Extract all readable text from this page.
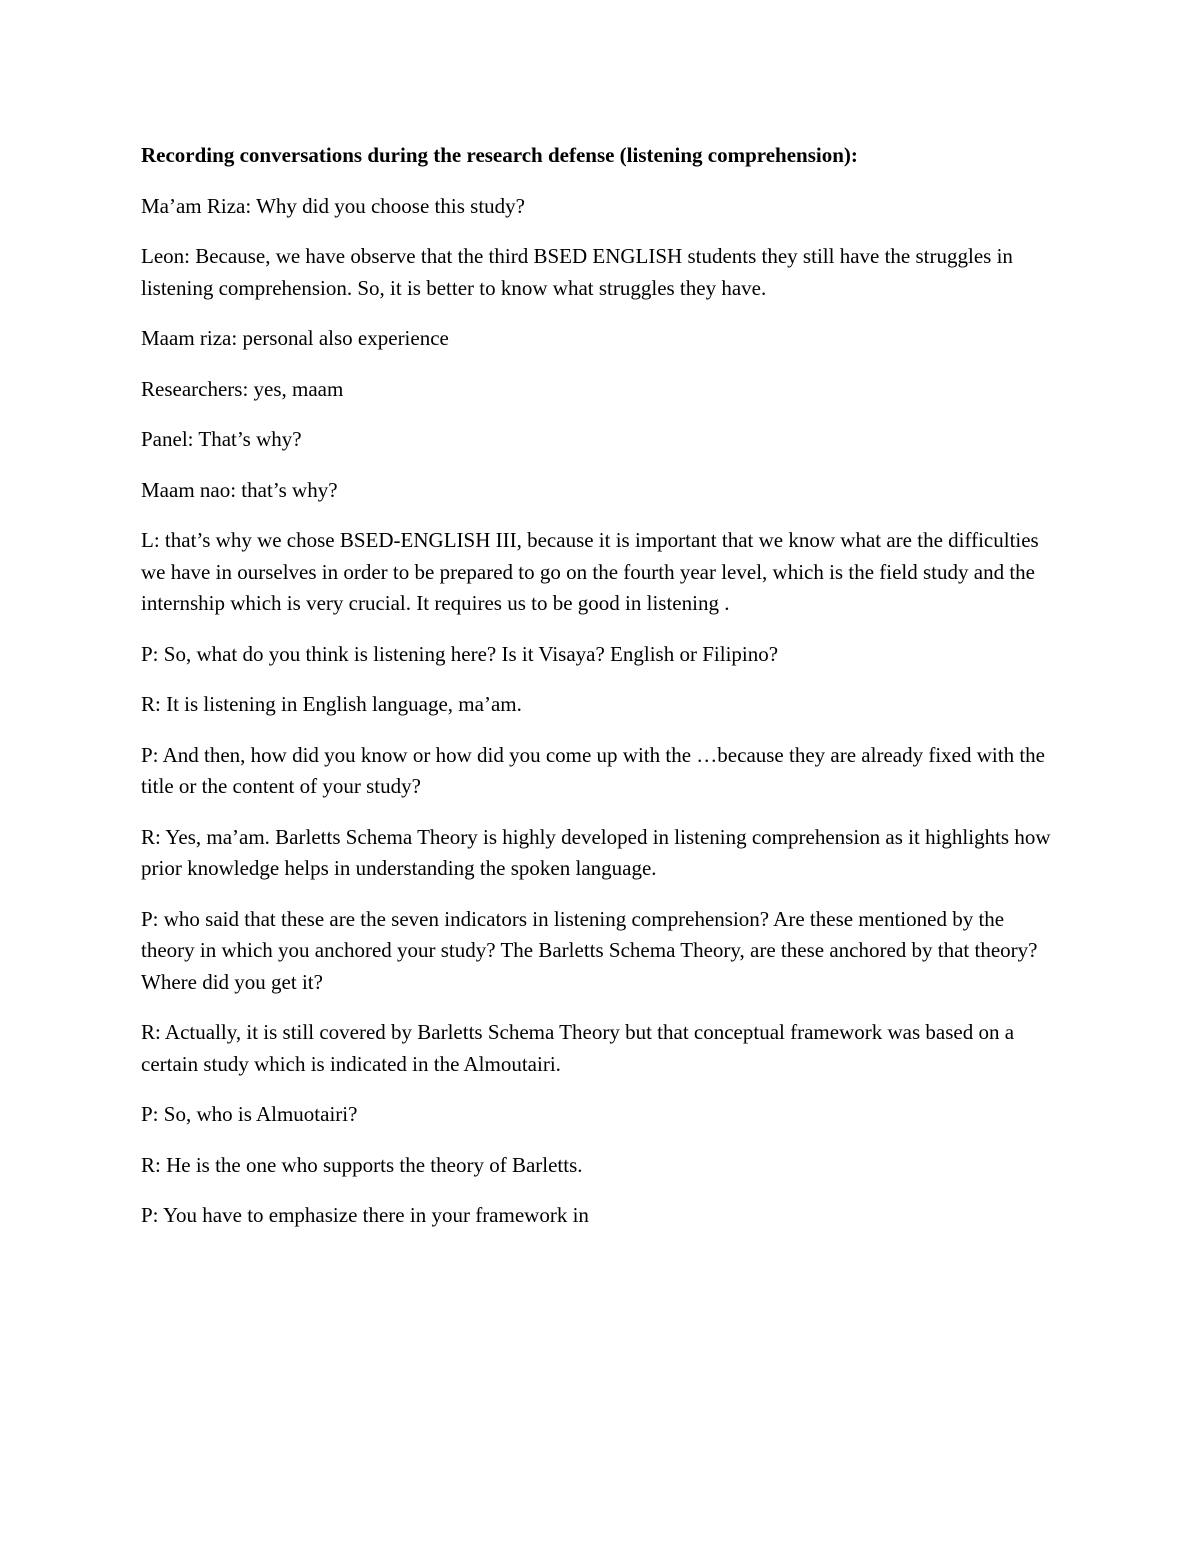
Recording conversations during the research defense (listening comprehension):
Ma’am Riza: Why did you choose this study?
Leon: Because, we have observe that the third BSED ENGLISH students they still have the struggles in listening comprehension. So, it is better to know what struggles they have.
Maam riza: personal also experience
Researchers: yes, maam
Panel: That’s why?
Maam nao: that’s why?
L: that’s why we chose BSED-ENGLISH III, because it is important that we know what are the difficulties we have in ourselves in order to be prepared to go on the fourth year level, which is the field study and the internship which is very crucial. It requires us to be good in listening .
P: So, what do you think is listening here? Is it Visaya? English or Filipino?
R: It is listening in English language, ma’am.
P: And then, how did you know or how did you come up with the …because they are already fixed with the title or the content of your study?
R: Yes, ma’am. Barletts Schema Theory is highly developed in listening comprehension as it highlights how prior knowledge helps in understanding the spoken language.
P: who said that these are the seven indicators in listening comprehension? Are these mentioned by the theory in which you anchored your study? The Barletts Schema Theory, are these anchored by that theory? Where did you get it?
R: Actually, it is still covered by Barletts Schema Theory but that conceptual framework was based on a certain study which is indicated in the Almoutairi.
P: So, who is Almuotairi?
R: He is the one who supports the theory of Barletts.
P: You have to emphasize there in your framework in
